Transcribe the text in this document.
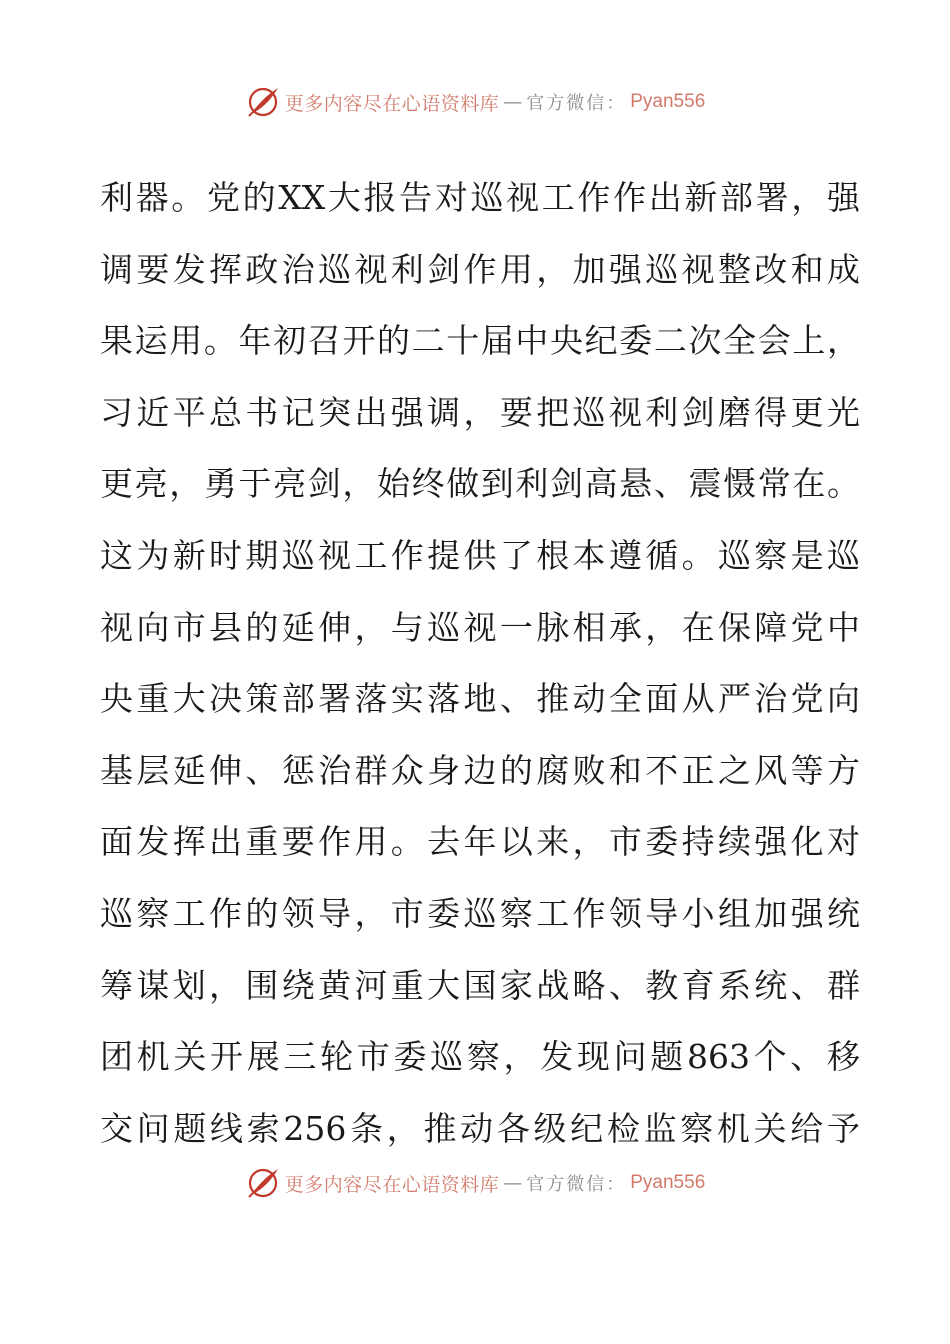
更多内容尽在心语资料库 — 官方微信： Pyan556
利器。党的XX大报告对巡视工作作出新部署，强
调要发挥政治巡视利剑作用，加强巡视整改和成
果运用。年初召开的二十届中央纪委二次全会上，
习近平总书记突出强调，要把巡视利剑磨得更光
更亮，勇于亮剑，始终做到利剑高悬、震慑常在。
这为新时期巡视工作提供了根本遵循。巡察是巡
视向市县的延伸，与巡视一脉相承，在保障党中
央重大决策部署落实落地、推动全面从严治党向
基层延伸、惩治群众身边的腐败和不正之风等方
面发挥出重要作用。去年以来，市委持续强化对
巡察工作的领导，市委巡察工作领导小组加强统
筹谋划，围绕黄河重大国家战略、教育系统、群
团机关开展三轮市委巡察，发现问题863个、移
交问题线索256条，推动各级纪检监察机关给予
更多内容尽在心语资料库 — 官方微信： Pyan556
